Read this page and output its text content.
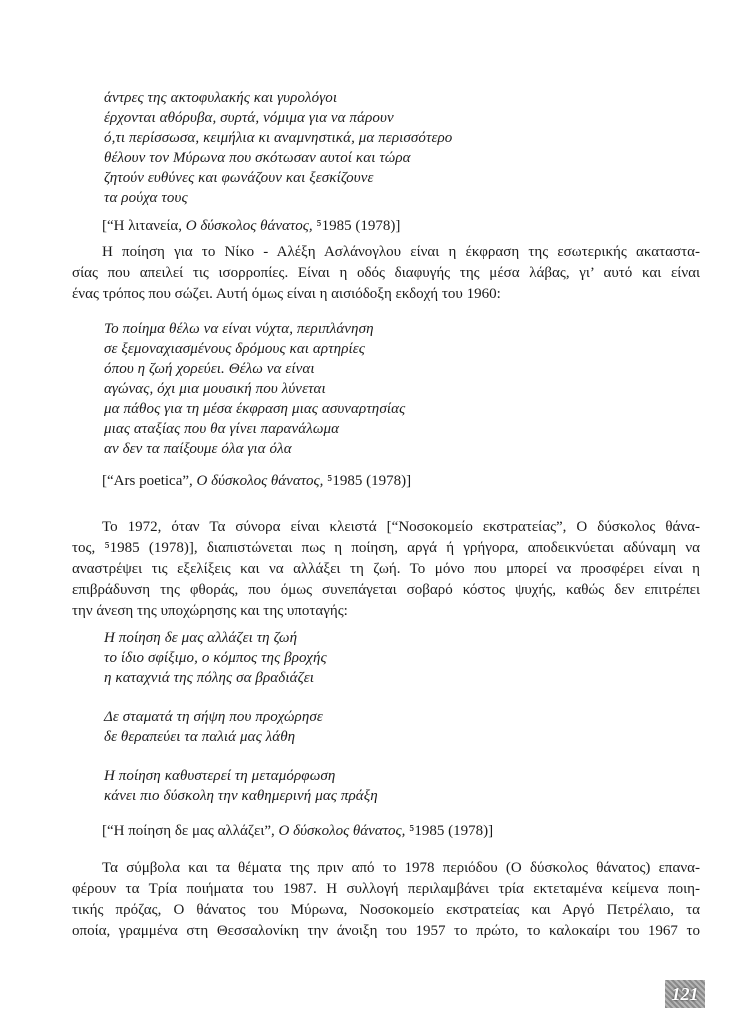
άντρες της ακτοφυλακής και γυρολόγοι
έρχονται αθόρυβα, συρτά, νόμιμα για να πάρουν
ό,τι περίσσωσα, κειμήλια κι αναμνηστικά, μα περισσότερο
θέλουν τον Μύρωνα που σκότωσαν αυτοί και τώρα
ζητούν ευθύνες και φωνάζουν και ξεσκίζουνε
τα ρούχα τους
[“Η λιτανεία, Ο δύσκολος θάνατος, ⁵1985 (1978)]
Η ποίηση για το Νίκο - Αλέξη Ασλάνογλου είναι η έκφραση της εσωτερικής ακαταστα-
σίας που απειλεί τις ισορροπίες. Είναι η οδός διαφυγής της μέσα λάβας, γι’ αυτό και είναι
ένας τρόπος που σώζει. Αυτή όμως είναι η αισιόδοξη εκδοχή του 1960:
Το ποίημα θέλω να είναι νύχτα, περιπλάνηση
σε ξεμοναχιασμένους δρόμους και αρτηρίες
όπου η ζωή χορεύει. Θέλω να είναι
αγώνας, όχι μια μουσική που λύνεται
μα πάθος για τη μέσα έκφραση μιας ασυναρτησίας
μιας αταξίας που θα γίνει παρανάλωμα
αν δεν τα παίξουμε όλα για όλα
[“Ars poetica”, Ο δύσκολος θάνατος, ⁵1985 (1978)]
Το 1972, όταν Τα σύνορα είναι κλειστά [“Νοσοκομείο εκστρατείας”, Ο δύσκολος θάνα-
τος, ⁵1985 (1978)], διαπιστώνεται πως η ποίηση, αργά ή γρήγορα, αποδεικνύεται αδύναμη να
αναστρέψει τις εξελίξεις και να αλλάξει τη ζωή. Το μόνο που μπορεί να προσφέρει είναι η
επιβράδυνση της φθοράς, που όμως συνεπάγεται σοβαρό κόστος ψυχής, καθώς δεν επιτρέπει
την άνεση της υποχώρησης και της υποταγής:
Η ποίηση δε μας αλλάζει τη ζωή
το ίδιο σφίξιμο, ο κόμπος της βροχής
η καταχνιά της πόλης σα βραδιάζει
Δε σταματά τη σήψη που προχώρησε
δε θεραπεύει τα παλιά μας λάθη
Η ποίηση καθυστερεί τη μεταμόρφωση
κάνει πιο δύσκολη την καθημερινή μας πράξη
[“Η ποίηση δε μας αλλάζει”, Ο δύσκολος θάνατος, ⁵1985 (1978)]
Τα σύμβολα και τα θέματα της πριν από το 1978 περιόδου (Ο δύσκολος θάνατος) επανα-
φέρουν τα Τρία ποιήματα του 1987. Η συλλογή περιλαμβάνει τρία εκτεταμένα κείμενα ποιη-
τικής πρόζας, Ο θάνατος του Μύρωνα, Νοσοκομείο εκστρατείας και Αργό Πετρέλαιο, τα
οποία, γραμμένα στη Θεσσαλονίκη την άνοιξη του 1957 το πρώτο, το καλοκαίρι του 1967 το
121
